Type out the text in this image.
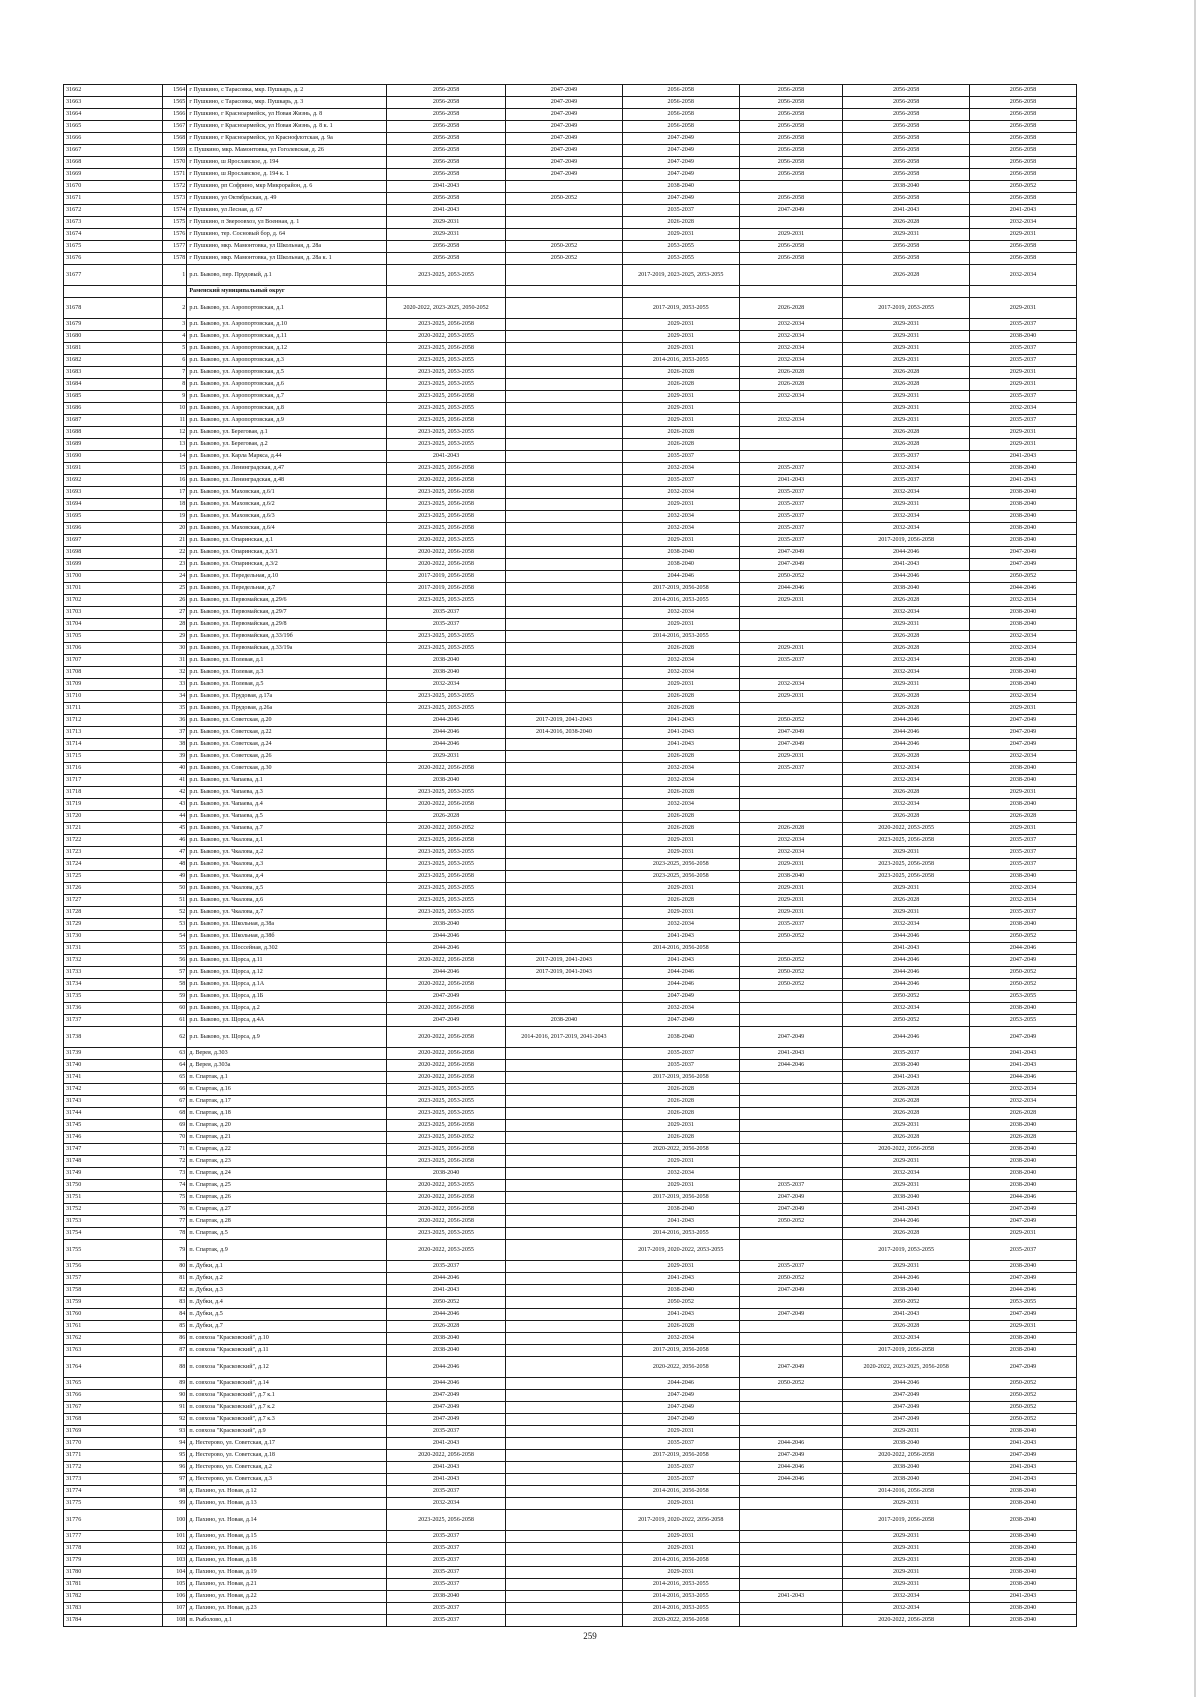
31662	1564	г Пушкино, с Тарасовка, мкр. Пушкарь, д. 2	2056-2058	2047-2049	2056-2058	2056-2058	2056-2058	2056-2058
31663	1565	г Пушкино, с Тарасовка, мкр. Пушкарь, д. 3	2056-2058	2047-2049	2056-2058	2056-2058	2056-2058	2056-2058
31664	1566	г Пушкино, г Красноармейск, ул Новая Жизнь, д. 8	2056-2058	2047-2049	2056-2058	2056-2058	2056-2058	2056-2058
31665	1567	г Пушкино, г Красноармейск, ул Новая Жизнь, д. 8 к. 1	2056-2058	2047-2049	2056-2058	2056-2058	2056-2058	2056-2058
31666	1568	г Пушкино, г Красноармейск, ул Краснофлотская, д. 9а	2056-2058	2047-2049	2047-2049	2056-2058	2056-2058	2056-2058
31667	1569	г. Пушкино, мкр. Мамонтовка, ул Гоголевская, д. 26	2056-2058	2047-2049	2047-2049	2056-2058	2056-2058	2056-2058
31668	1570	г Пушкино, ш Ярославское, д. 194	2056-2058	2047-2049	2047-2049	2056-2058	2056-2058	2056-2058
31669	1571	г Пушкино, ш Ярославское, д. 194 к. 1	2056-2058	2047-2049	2047-2049	2056-2058	2056-2058	2056-2058
31670	1572	г Пушкино, рп Софрино, мкр Микрорайон, д. 6	2041-2043		2038-2040		2038-2040	2050-2052
31671	1573	г Пушкино, ул Октябрьская, д. 49	2056-2058	2050-2052	2047-2049	2056-2058	2056-2058	2056-2058
31672	1574	г Пушкино, ул Лесная, д. 67	2041-2043		2035-2037	2047-2049	2041-2043	2041-2043
31673	1575	г Пушкино, п Звероовхоз, ул Военная, д. 1	2029-2031		2026-2028		2026-2028	2032-2034
31674	1576	г Пушкино, тер. Сосновый бор, д. 64	2029-2031		2029-2031	2029-2031	2029-2031	2029-2031
31675	1577	г Пушкино, мкр. Мамонтовка, ул Школьная, д. 28а	2056-2058	2050-2052	2053-2055	2056-2058	2056-2058	2056-2058
31676	1578	г Пушкино, мкр. Мамонтовка, ул Школьная, д. 28а к. 1	2056-2058	2050-2052	2053-2055	2056-2058	2056-2058	2056-2058
31677	1	р.п. Быково, пер. Прудовый, д.1	2023-2025, 2053-2055		2017-2019, 2023-2025, 2053-2055		2026-2028	2032-2034
		Раменский муниципальный округ						
31678	2	р.п. Быково, ул. Аэропортовская, д.1	2020-2022, 2023-2025, 2050-2052		2017-2019, 2053-2055	2026-2028	2017-2019, 2053-2055	2029-2031
31679	3	р.п. Быково, ул. Аэропортовская, д.10	2023-2025, 2056-2058		2029-2031	2032-2034	2029-2031	2035-2037
31680	4	р.п. Быково, ул. Аэропортовская, д.11	2020-2022, 2053-2055		2029-2031	2032-2034	2029-2031	2038-2040
31681	5	р.п. Быково, ул. Аэропортовская, д.12	2023-2025, 2056-2058		2029-2031	2032-2034	2029-2031	2035-2037
31682	6	р.п. Быково, ул. Аэропортовская, д.3	2023-2025, 2053-2055		2014-2016, 2053-2055	2032-2034	2029-2031	2035-2037
31683	7	р.п. Быково, ул. Аэропортовская, д.5	2023-2025, 2053-2055		2026-2028	2026-2028	2026-2028	2029-2031
31684	8	р.п. Быково, ул. Аэропортовская, д.6	2023-2025, 2053-2055		2026-2028	2026-2028	2026-2028	2029-2031
31685	9	р.п. Быково, ул. Аэропортовская, д.7	2023-2025, 2056-2058		2029-2031	2032-2034	2029-2031	2035-2037
31686	10	р.п. Быково, ул. Аэропортовская, д.8	2023-2025, 2053-2055		2029-2031		2029-2031	2032-2034
31687	11	р.п. Быково, ул. Аэропортовская, д.9	2023-2025, 2056-2058		2029-2031	2032-2034	2029-2031	2035-2037
31688	12	р.п. Быково, ул. Береговая, д.1	2023-2025, 2053-2055		2026-2028		2026-2028	2029-2031
31689	13	р.п. Быково, ул. Береговая, д.2	2023-2025, 2053-2055		2026-2028		2026-2028	2029-2031
31690	14	р.п. Быково, ул. Карла Маркса, д.44	2041-2043		2035-2037		2035-2037	2041-2043
31691	15	р.п. Быково, ул. Ленинградская, д.47	2023-2025, 2056-2058		2032-2034	2035-2037	2032-2034	2038-2040
31692	16	р.п. Быково, ул. Ленинградская, д.48	2020-2022, 2056-2058		2035-2037	2041-2043	2035-2037	2041-2043
31693	17	р.п. Быково, ул. Маховская, д.6/1	2023-2025, 2056-2058		2032-2034	2035-2037	2032-2034	2038-2040
31694	18	р.п. Быково, ул. Маховская, д.6/2	2023-2025, 2056-2058		2029-2031	2035-2037	2029-2031	2038-2040
31695	19	р.п. Быково, ул. Маховская, д.6/3	2023-2025, 2056-2058		2032-2034	2035-2037	2032-2034	2038-2040
31696	20	р.п. Быково, ул. Маховская, д.6/4	2023-2025, 2056-2058		2032-2034	2035-2037	2032-2034	2038-2040
31697	21	р.п. Быково, ул. Опаринская, д.1	2020-2022, 2053-2055		2029-2031	2035-2037	2017-2019, 2056-2058	2038-2040
31698	22	р.п. Быково, ул. Опаринская, д.3/1	2020-2022, 2056-2058		2038-2040	2047-2049	2044-2046	2047-2049
31699	23	р.п. Быково, ул. Опаринская, д.3/2	2020-2022, 2056-2058		2038-2040	2047-2049	2041-2043	2047-2049
31700	24	р.п. Быково, ул. Передельная, д.10	2017-2019, 2056-2058		2044-2046	2050-2052	2044-2046	2050-2052
31701	25	р.п. Быково, ул. Передельная, д.7	2017-2019, 2056-2058		2017-2019, 2056-2058	2044-2046	2038-2040	2044-2046
31702	26	р.п. Быково, ул. Первомайская, д.29/6	2023-2025, 2053-2055		2014-2016, 2053-2055	2029-2031	2026-2028	2032-2034
31703	27	р.п. Быково, ул. Первомайская, д.29/7	2035-2037		2032-2034		2032-2034	2038-2040
31704	28	р.п. Быково, ул. Первомайская, д.29/8	2035-2037		2029-2031		2029-2031	2038-2040
31705	29	р.п. Быково, ул. Первомайская, д.33/19б	2023-2025, 2053-2055		2014-2016, 2053-2055		2026-2028	2032-2034
31706	30	р.п. Быково, ул. Первомайская, д.33/19а	2023-2025, 2053-2055		2026-2028	2029-2031	2026-2028	2032-2034
31707	31	р.п. Быково, ул. Полевая, д.1	2038-2040		2032-2034	2035-2037	2032-2034	2038-2040
31708	32	р.п. Быково, ул. Полевая, д.3	2038-2040		2032-2034		2032-2034	2038-2040
31709	33	р.п. Быково, ул. Полевая, д.5	2032-2034		2029-2031	2032-2034	2029-2031	2038-2040
31710	34	р.п. Быково, ул. Прудовая, д.17а	2023-2025, 2053-2055		2026-2028	2029-2031	2026-2028	2032-2034
31711	35	р.п. Быково, ул. Прудовая, д.26а	2023-2025, 2053-2055		2026-2028		2026-2028	2029-2031
31712	36	р.п. Быково, ул. Советская, д.20	2044-2046	2017-2019, 2041-2043	2041-2043	2050-2052	2044-2046	2047-2049
31713	37	р.п. Быково, ул. Советская, д.22	2044-2046	2014-2016, 2038-2040	2041-2043	2047-2049	2044-2046	2047-2049
31714	38	р.п. Быково, ул. Советская, д.24	2044-2046		2041-2043	2047-2049	2044-2046	2047-2049
31715	39	р.п. Быково, ул. Советская, д.26	2029-2031		2026-2028	2029-2031	2026-2028	2032-2034
31716	40	р.п. Быково, ул. Советская, д.30	2020-2022, 2056-2058		2032-2034	2035-2037	2032-2034	2038-2040
31717	41	р.п. Быково, ул. Чапаева, д.1	2038-2040		2032-2034		2032-2034	2038-2040
31718	42	р.п. Быково, ул. Чапаева, д.3	2023-2025, 2053-2055		2026-2028		2026-2028	2029-2031
31719	43	р.п. Быково, ул. Чапаева, д.4	2020-2022, 2056-2058		2032-2034		2032-2034	2038-2040
31720	44	р.п. Быково, ул. Чапаева, д.5	2026-2028		2026-2028		2026-2028	2026-2028
31721	45	р.п. Быково, ул. Чапаева, д.7	2020-2022, 2050-2052		2026-2028	2026-2028	2020-2022, 2053-2055	2029-2031
31722	46	р.п. Быково, ул. Чкалова, д.1	2023-2025, 2056-2058		2029-2031	2032-2034	2023-2025, 2056-2058	2035-2037
31723	47	р.п. Быково, ул. Чкалова, д.2	2023-2025, 2053-2055		2029-2031	2032-2034	2029-2031	2035-2037
31724	48	р.п. Быково, ул. Чкалова, д.3	2023-2025, 2053-2055		2023-2025, 2056-2058	2029-2031	2023-2025, 2056-2058	2035-2037
31725	49	р.п. Быково, ул. Чкалова, д.4	2023-2025, 2056-2058		2023-2025, 2056-2058	2038-2040	2023-2025, 2056-2058	2038-2040
31726	50	р.п. Быково, ул. Чкалова, д.5	2023-2025, 2053-2055		2029-2031	2029-2031	2029-2031	2032-2034
31727	51	р.п. Быково, ул. Чкалова, д.6	2023-2025, 2053-2055		2026-2028	2029-2031	2026-2028	2032-2034
31728	52	р.п. Быково, ул. Чкалова, д.7	2023-2025, 2053-2055		2029-2031	2029-2031	2029-2031	2035-2037
31729	53	р.п. Быково, ул. Школьная, д.38а	2038-2040		2032-2034	2035-2037	2032-2034	2038-2040
31730	54	р.п. Быково, ул. Школьная, д.38б	2044-2046		2041-2043	2050-2052	2044-2046	2050-2052
31731	55	р.п. Быково, ул. Шоссейная, д.302	2044-2046		2014-2016, 2056-2058		2041-2043	2044-2046
31732	56	р.п. Быково, ул. Щорса, д.11	2020-2022, 2056-2058	2017-2019, 2041-2043	2041-2043	2050-2052	2044-2046	2047-2049
31733	57	р.п. Быково, ул. Щорса, д.12	2044-2046	2017-2019, 2041-2043	2044-2046	2050-2052	2044-2046	2050-2052
31734	58	р.п. Быково, ул. Щорса, д.1А	2020-2022, 2056-2058		2044-2046	2050-2052	2044-2046	2050-2052
31735	59	р.п. Быково, ул. Щорса, д.1Б	2047-2049		2047-2049		2050-2052	2053-2055
31736	60	р.п. Быково, ул. Щорса, д.2	2020-2022, 2056-2058		2032-2034		2032-2034	2038-2040
31737	61	р.п. Быково, ул. Щорса, д.4А	2047-2049	2038-2040	2047-2049		2050-2052	2053-2055
31738	62	р.п. Быково, ул. Щорса, д.9	2020-2022, 2056-2058	2014-2016, 2017-2019, 2041-2043	2038-2040	2047-2049	2044-2046	2047-2049
31739	63	д. Верея, д.303	2020-2022, 2056-2058		2035-2037	2041-2043	2035-2037	2041-2043
31740	64	д. Верея, д.303а	2020-2022, 2056-2058		2035-2037	2044-2046	2038-2040	2041-2043
31741	65	п. Спартак, д.1	2020-2022, 2056-2058		2017-2019, 2056-2058		2041-2043	2044-2046
31742	66	п. Спартак, д.16	2023-2025, 2053-2055		2026-2028		2026-2028	2032-2034
31743	67	п. Спартак, д.17	2023-2025, 2053-2055		2026-2028		2026-2028	2032-2034
31744	68	п. Спартак, д.18	2023-2025, 2053-2055		2026-2028		2026-2028	2026-2028
31745	69	п. Спартак, д.20	2023-2025, 2056-2058		2029-2031		2029-2031	2038-2040
31746	70	п. Спартак, д.21	2023-2025, 2050-2052		2026-2028		2026-2028	2026-2028
31747	71	п. Спартак, д.22	2023-2025, 2056-2058		2020-2022, 2056-2058		2020-2022, 2056-2058	2038-2040
31748	72	п. Спартак, д.23	2023-2025, 2056-2058		2029-2031		2029-2031	2038-2040
31749	73	п. Спартак, д.24	2038-2040		2032-2034		2032-2034	2038-2040
31750	74	п. Спартак, д.25	2020-2022, 2053-2055		2029-2031	2035-2037	2029-2031	2038-2040
31751	75	п. Спартак, д.26	2020-2022, 2056-2058		2017-2019, 2056-2058	2047-2049	2038-2040	2044-2046
31752	76	п. Спартак, д.27	2020-2022, 2056-2058		2038-2040	2047-2049	2041-2043	2047-2049
31753	77	п. Спартак, д.28	2020-2022, 2056-2058		2041-2043	2050-2052	2044-2046	2047-2049
31754	78	п. Спартак, д.5	2023-2025, 2053-2055		2014-2016, 2053-2055		2026-2028	2029-2031
31755	79	п. Спартак, д.9	2020-2022, 2053-2055		2017-2019, 2020-2022, 2053-2055		2017-2019, 2053-2055	2035-2037
31756	80	п. Дубки, д.1	2035-2037		2029-2031	2035-2037	2029-2031	2038-2040
31757	81	п. Дубки, д.2	2044-2046		2041-2043	2050-2052	2044-2046	2047-2049
31758	82	п. Дубки, д.3	2041-2043		2038-2040	2047-2049	2038-2040	2044-2046
31759	83	п. Дубки, д.4	2050-2052		2050-2052		2050-2052	2053-2055
31760	84	п. Дубки, д.5	2044-2046		2041-2043	2047-2049	2041-2043	2047-2049
31761	85	п. Дубки, д.7	2026-2028		2026-2028		2026-2028	2029-2031
31762	86	п. совхоза "Красковский", д.10	2038-2040		2032-2034		2032-2034	2038-2040
31763	87	п. совхоза "Красковский", д.11	2038-2040		2017-2019, 2056-2058		2017-2019, 2056-2058	2038-2040
31764	88	п. совхоза "Красковский", д.12	2044-2046		2020-2022, 2056-2058	2047-2049	2020-2022, 2023-2025, 2056-2058	2047-2049
31765	89	п. совхоза "Красковский", д.14	2044-2046		2044-2046	2050-2052	2044-2046	2050-2052
31766	90	п. совхоза "Красковский", д.7 к.1	2047-2049		2047-2049		2047-2049	2050-2052
31767	91	п. совхоза "Красковский", д.7 к.2	2047-2049		2047-2049		2047-2049	2050-2052
31768	92	п. совхоза "Красковский", д.7 к.3	2047-2049		2047-2049		2047-2049	2050-2052
31769	93	п. совхоза "Красковский", д.9	2035-2037		2029-2031		2029-2031	2038-2040
31770	94	д. Нестерово, ул. Советская, д.17	2041-2043		2035-2037	2044-2046	2038-2040	2041-2043
31771	95	д. Нестерово, ул. Советская, д.18	2020-2022, 2056-2058		2017-2019, 2056-2058	2047-2049	2020-2022, 2056-2058	2047-2049
31772	96	д. Нестерово, ул. Советская, д.2	2041-2043		2035-2037	2044-2046	2038-2040	2041-2043
31773	97	д. Нестерово, ул. Советская, д.3	2041-2043		2035-2037	2044-2046	2038-2040	2041-2043
31774	98	д. Пахино, ул. Новая, д.12	2035-2037		2014-2016, 2056-2058		2014-2016, 2056-2058	2038-2040
31775	99	д. Пахино, ул. Новая, д.13	2032-2034		2029-2031		2029-2031	2038-2040
31776	100	д. Пахино, ул. Новая, д.14	2023-2025, 2056-2058		2017-2019, 2020-2022, 2056-2058		2017-2019, 2056-2058	2038-2040
31777	101	д. Пахино, ул. Новая, д.15	2035-2037		2029-2031		2029-2031	2038-2040
31778	102	д. Пахино, ул. Новая, д.16	2035-2037		2029-2031		2029-2031	2038-2040
31779	103	д. Пахино, ул. Новая, д.18	2035-2037		2014-2016, 2056-2058		2029-2031	2038-2040
31780	104	д. Пахино, ул. Новая, д.19	2035-2037		2029-2031		2029-2031	2038-2040
31781	105	д. Пахино, ул. Новая, д.21	2035-2037		2014-2016, 2053-2055		2029-2031	2038-2040
31782	106	д. Пахино, ул. Новая, д.22	2038-2040		2014-2016, 2053-2055	2041-2043	2032-2034	2041-2043
31783	107	д. Пахино, ул. Новая, д.23	2035-2037		2014-2016, 2053-2055		2032-2034	2038-2040
31784	108	п. Рыболово, д.1	2035-2037		2020-2022, 2056-2058		2020-2022, 2056-2058	2038-2040
259
